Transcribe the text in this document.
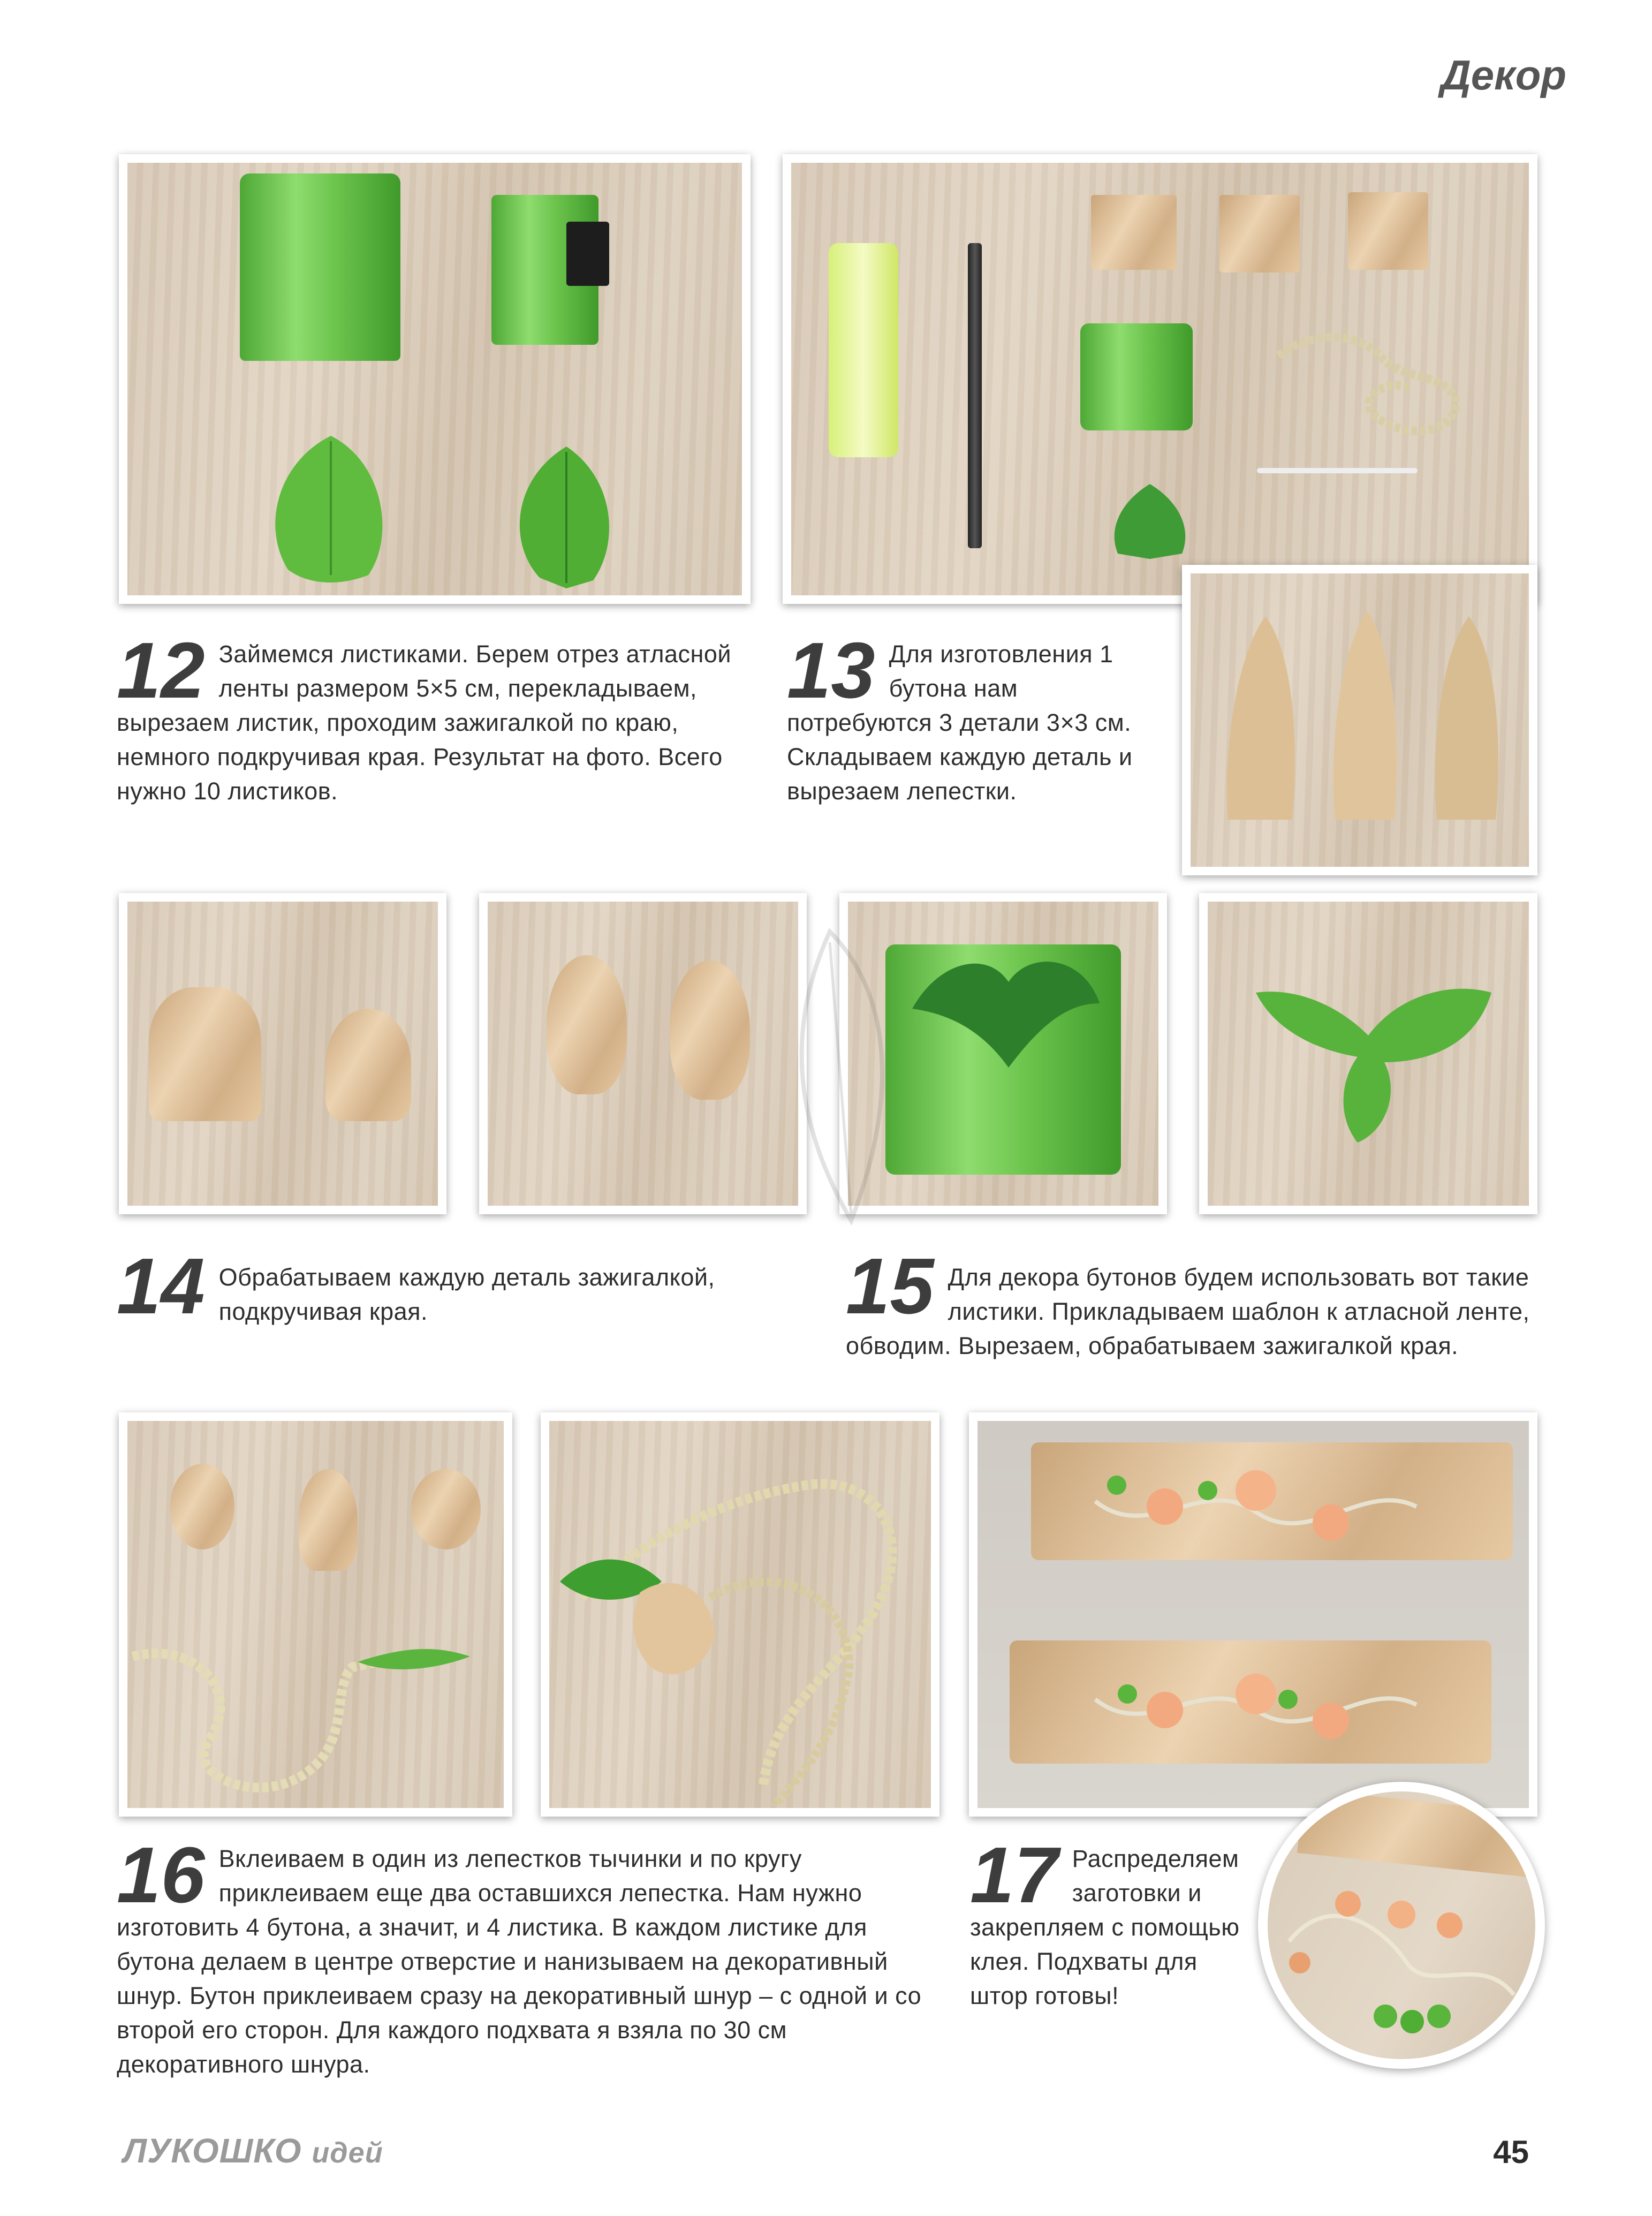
Декор
12 Займемся листиками. Берем отрез атласной ленты размером 5×5 см, перекладываем, вырезаем листик, проходим зажигалкой по краю, немного подкручивая края. Результат на фото. Всего нужно 10 листиков.
13 Для изготовления 1 бутона нам потребуются 3 детали 3×3 см. Складываем каждую деталь и вырезаем лепестки.
14 Обрабатываем каждую деталь зажигалкой, подкручивая края.	15 Для декора бутонов будем использовать вот такие листики. Прикладываем шаблон к атласной ленте, обводим. Вырезаем, обрабатываем зажигалкой края.
16 Вклеиваем в один из лепестков тычинки и по кругу приклеиваем еще два оставшихся лепестка. Нам нужно изготовить 4 бутона, а значит, и 4 листика. В каждом листике для бутона делаем в центре отверстие и нанизываем на декоративный шнур. Бутон приклеиваем сразу на декоративный шнур – с одной и со второй его сторон. Для каждого подхвата я взяла по 30 см декоративного шнура.
17 Распределяем заготовки и закрепляем с помощью клея. Подхваты для штор готовы!
ЛУКОШКО идей	45
